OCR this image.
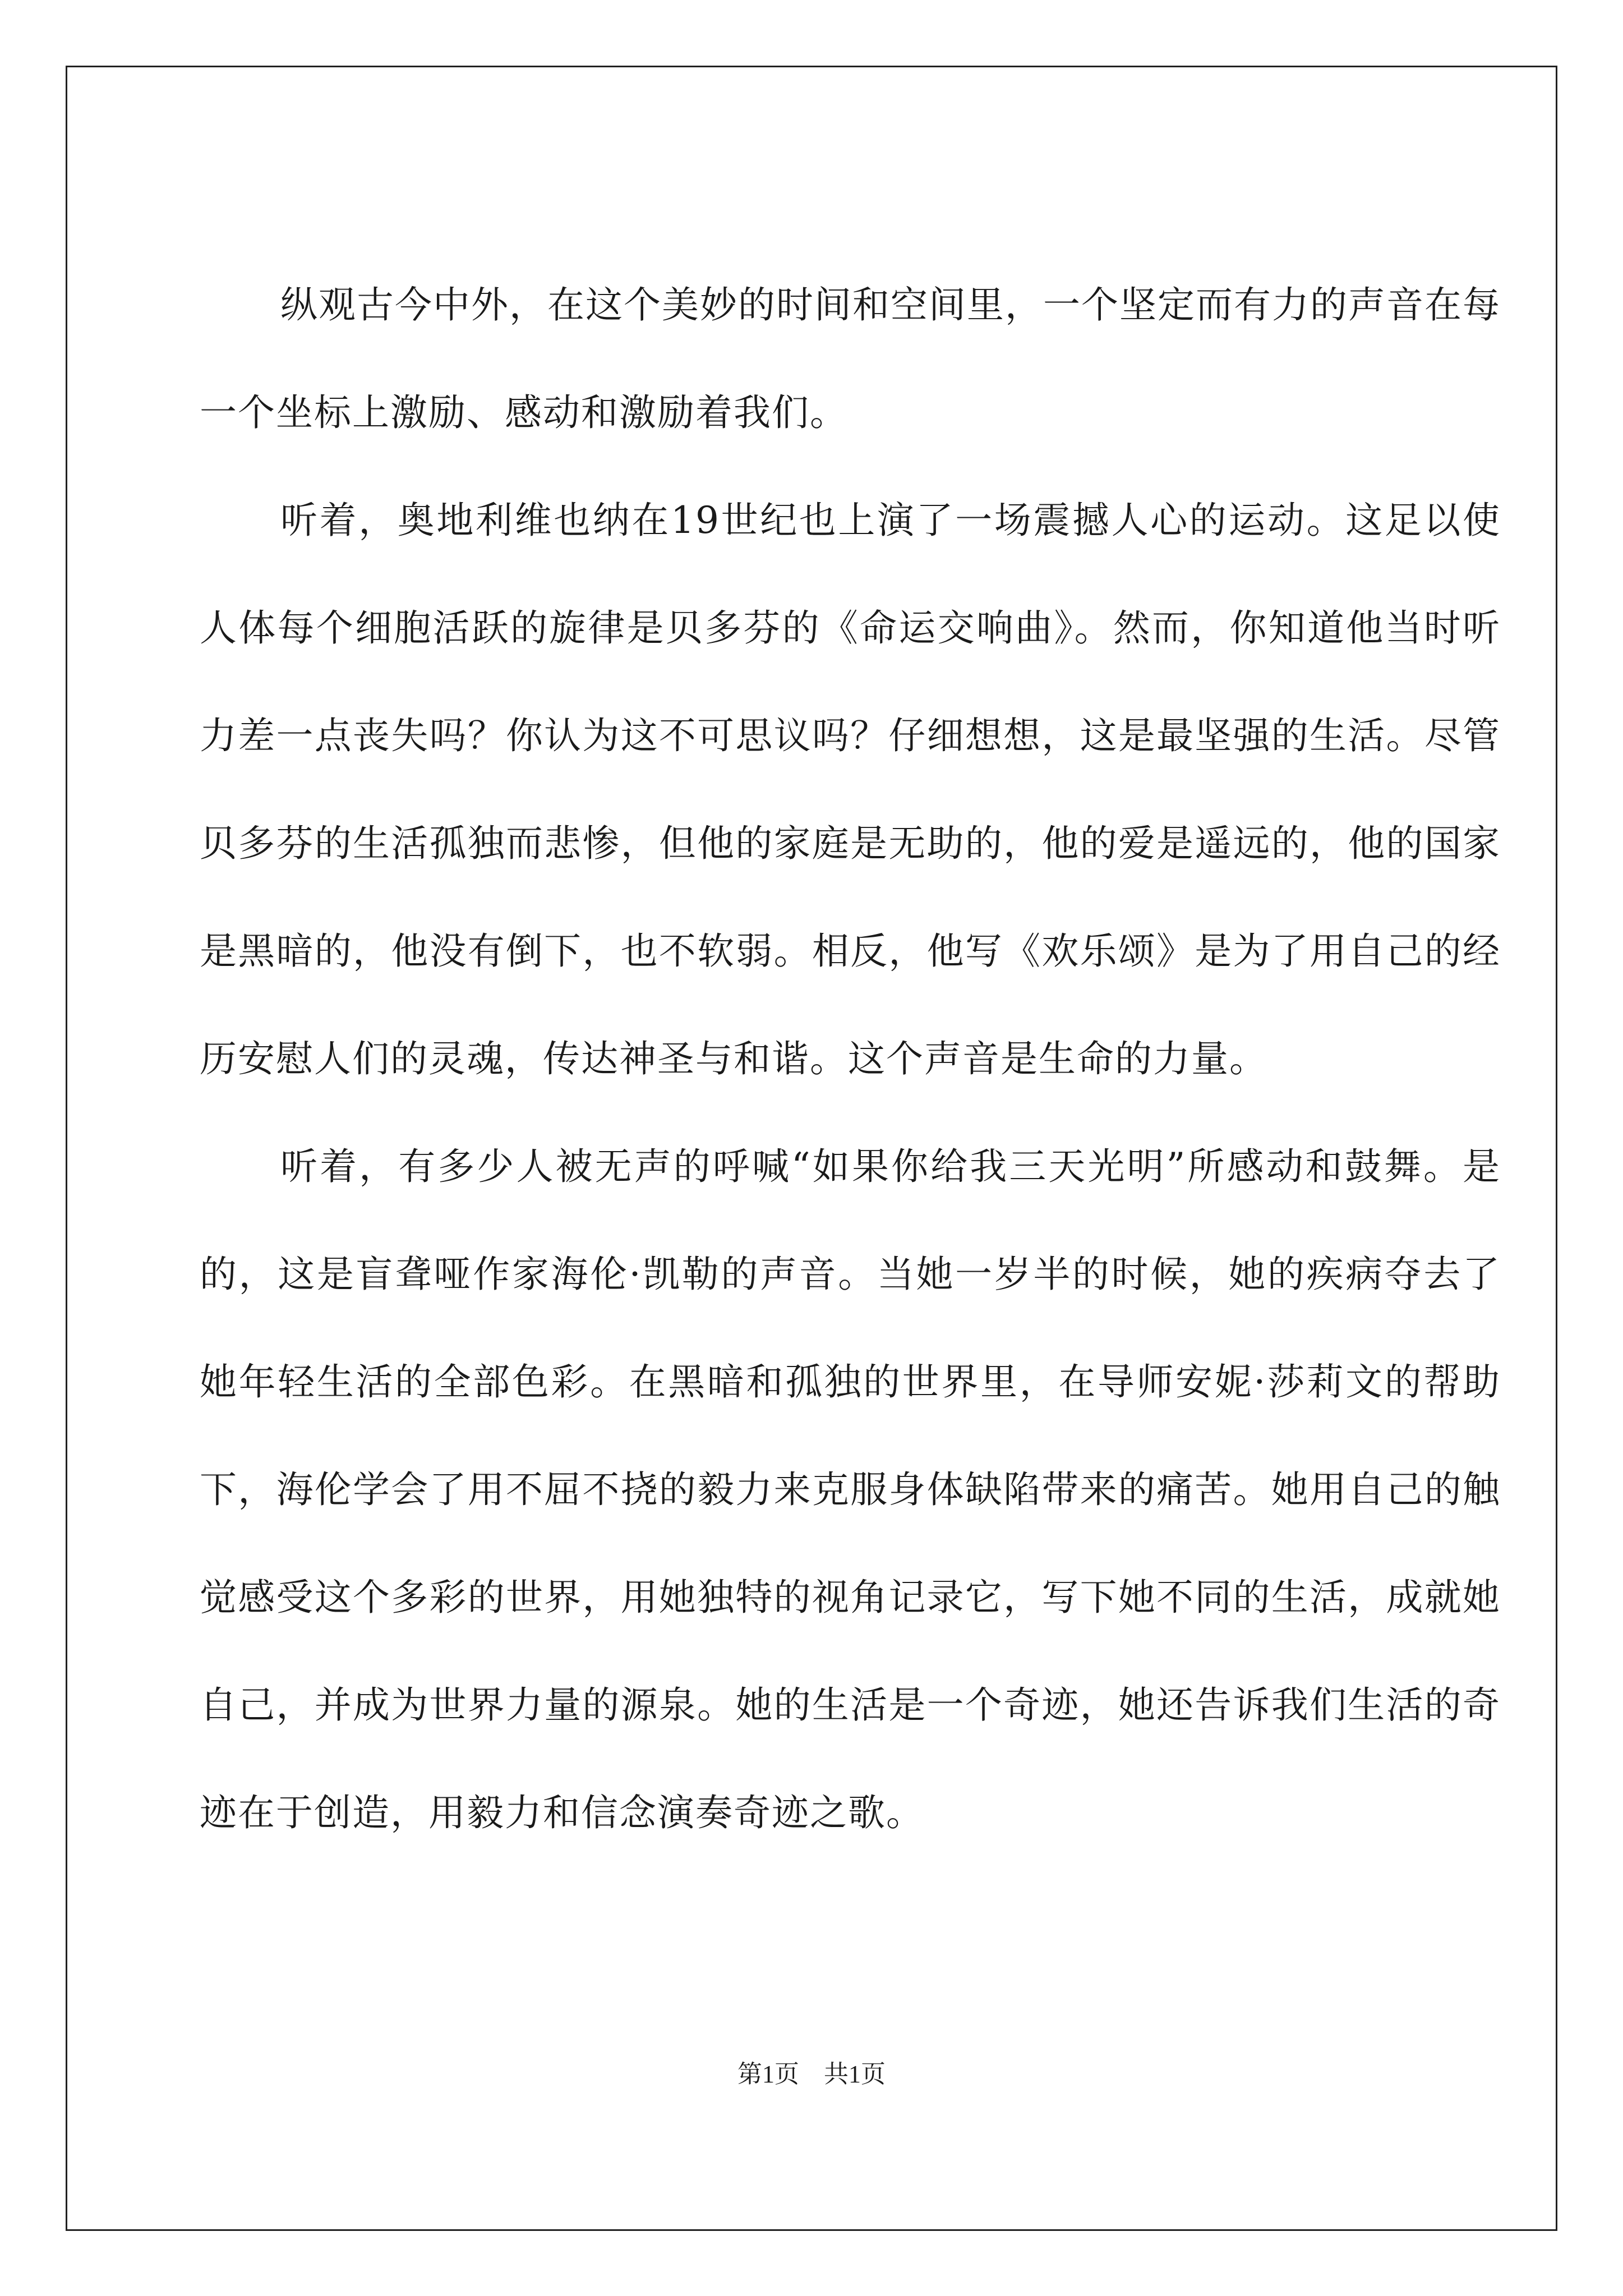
纵观古今中外，在这个美妙的时间和空间里，一个坚定而有力的声音在每一个坐标上激励、感动和激励着我们。

听着，奥地利维也纳在19世纪也上演了一场震撼人心的运动。这足以使人体每个细胞活跃的旋律是贝多芬的《命运交响曲》。然而，你知道他当时听力差一点丧失吗？你认为这不可思议吗？仔细想想，这是最坚强的生活。尽管贝多芬的生活孤独而悲惨，但他的家庭是无助的，他的爱是遥远的，他的国家是黑暗的，他没有倒下，也不软弱。相反，他写《欢乐颂》是为了用自己的经历安慰人们的灵魂，传达神圣与和谐。这个声音是生命的力量。

听着，有多少人被无声的呼喊“如果你给我三天光明”所感动和鼓舞。是的，这是盲聋哑作家海伦·凯勒的声音。当她一岁半的时候，她的疾病夺去了她年轻生活的全部色彩。在黑暗和孤独的世界里，在导师安妮·莎莉文的帮助下，海伦学会了用不屈不挠的毅力来克服身体缺陷带来的痛苦。她用自己的触觉感受这个多彩的世界，用她独特的视角记录它，写下她不同的生活，成就她自己，并成为世界力量的源泉。她的生活是一个奇迹，她还告诉我们生活的奇迹在于创造，用毅力和信念演奏奇迹之歌。

第1页　共1页
